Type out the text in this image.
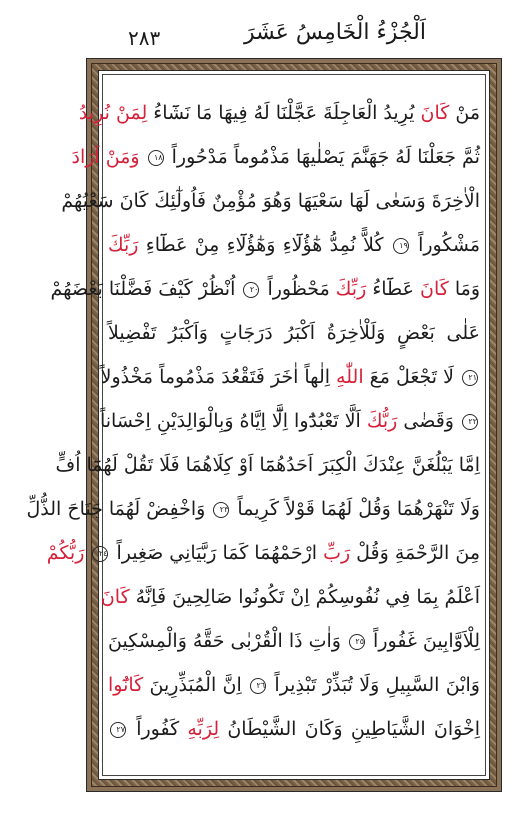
٢٨٣	اَلْجُزْءُ الْخَامِسُ عَشَرَ
مَنْ كَانَ يُرِيدُ الْعَاجِلَةَ عَجَّلْنَا لَهُ فِيهَا مَا نَشَٓاءُ لِمَنْ نُرِيدُ
ثُمَّ جَعَلْنَا لَهُ جَهَنَّمَ يَصْلٰيهَا مَذْمُوماً مَدْحُوراً ١٨ وَمَنْ اَرَادَ
الْاٰخِرَةَ وَسَعٰى لَهَا سَعْيَهَا وَهُوَ مُؤْمِنٌ فَاُولٰٓئِكَ كَانَ سَعْيُهُمْ
مَشْكُوراً ١٩ كُلاًّ نُمِدُّ هٰٓؤُلَٓاءِ وَهٰٓؤُلَٓاءِ مِنْ عَطَٓاءِ رَبِّكَ
وَمَا كَانَ عَطَٓاءُ رَبِّكَ مَحْظُوراً ٢٠ اُنْظُرْ كَيْفَ فَضَّلْنَا بَعْضَهُمْ
عَلٰى بَعْضٍ وَلَلْاٰخِرَةُ اَكْبَرُ دَرَجَاتٍ وَاَكْبَرُ تَفْضِيلاً
٢١ لَا تَجْعَلْ مَعَ اللّٰهِ اِلٰهاً اٰخَرَ فَتَقْعُدَ مَذْمُوماً مَخْذُولاً
٢٢ وَقَضٰى رَبُّكَ اَلَّا تَعْبُدُٓوا اِلَّٓا اِيَّاهُ وَبِالْوَالِدَيْنِ اِحْسَاناً
اِمَّا يَبْلُغَنَّ عِنْدَكَ الْكِبَرَ اَحَدُهُمَٓا اَوْ كِلَاهُمَا فَلَا تَقُلْ لَهُمَٓا اُفٍّ
وَلَا تَنْهَرْهُمَا وَقُلْ لَهُمَا قَوْلاً كَرِيماً ٢٣ وَاخْفِضْ لَهُمَا جَنَاحَ الذُّلِّ
مِنَ الرَّحْمَةِ وَقُلْ رَبِّ ارْحَمْهُمَا كَمَا رَبَّيَانِي صَغِيراً ٢٤ رَبُّكُمْ
اَعْلَمُ بِمَا فِي نُفُوسِكُمْ اِنْ تَكُونُوا صَالِحِينَ فَاِنَّهُ كَانَ
لِلْاَوَّابِينَ غَفُوراً ٢٥ وَاٰتِ ذَا الْقُرْبٰى حَقَّهُ وَالْمِسْكِينَ
وَابْنَ السَّبِيلِ وَلَا تُبَذِّرْ تَبْذِيراً ٢٦ اِنَّ الْمُبَذِّرِينَ كَانُٓوا
اِخْوَانَ الشَّيَاطِينِ وَكَانَ الشَّيْطَانُ لِرَبِّهِ كَفُوراً ٢٧
